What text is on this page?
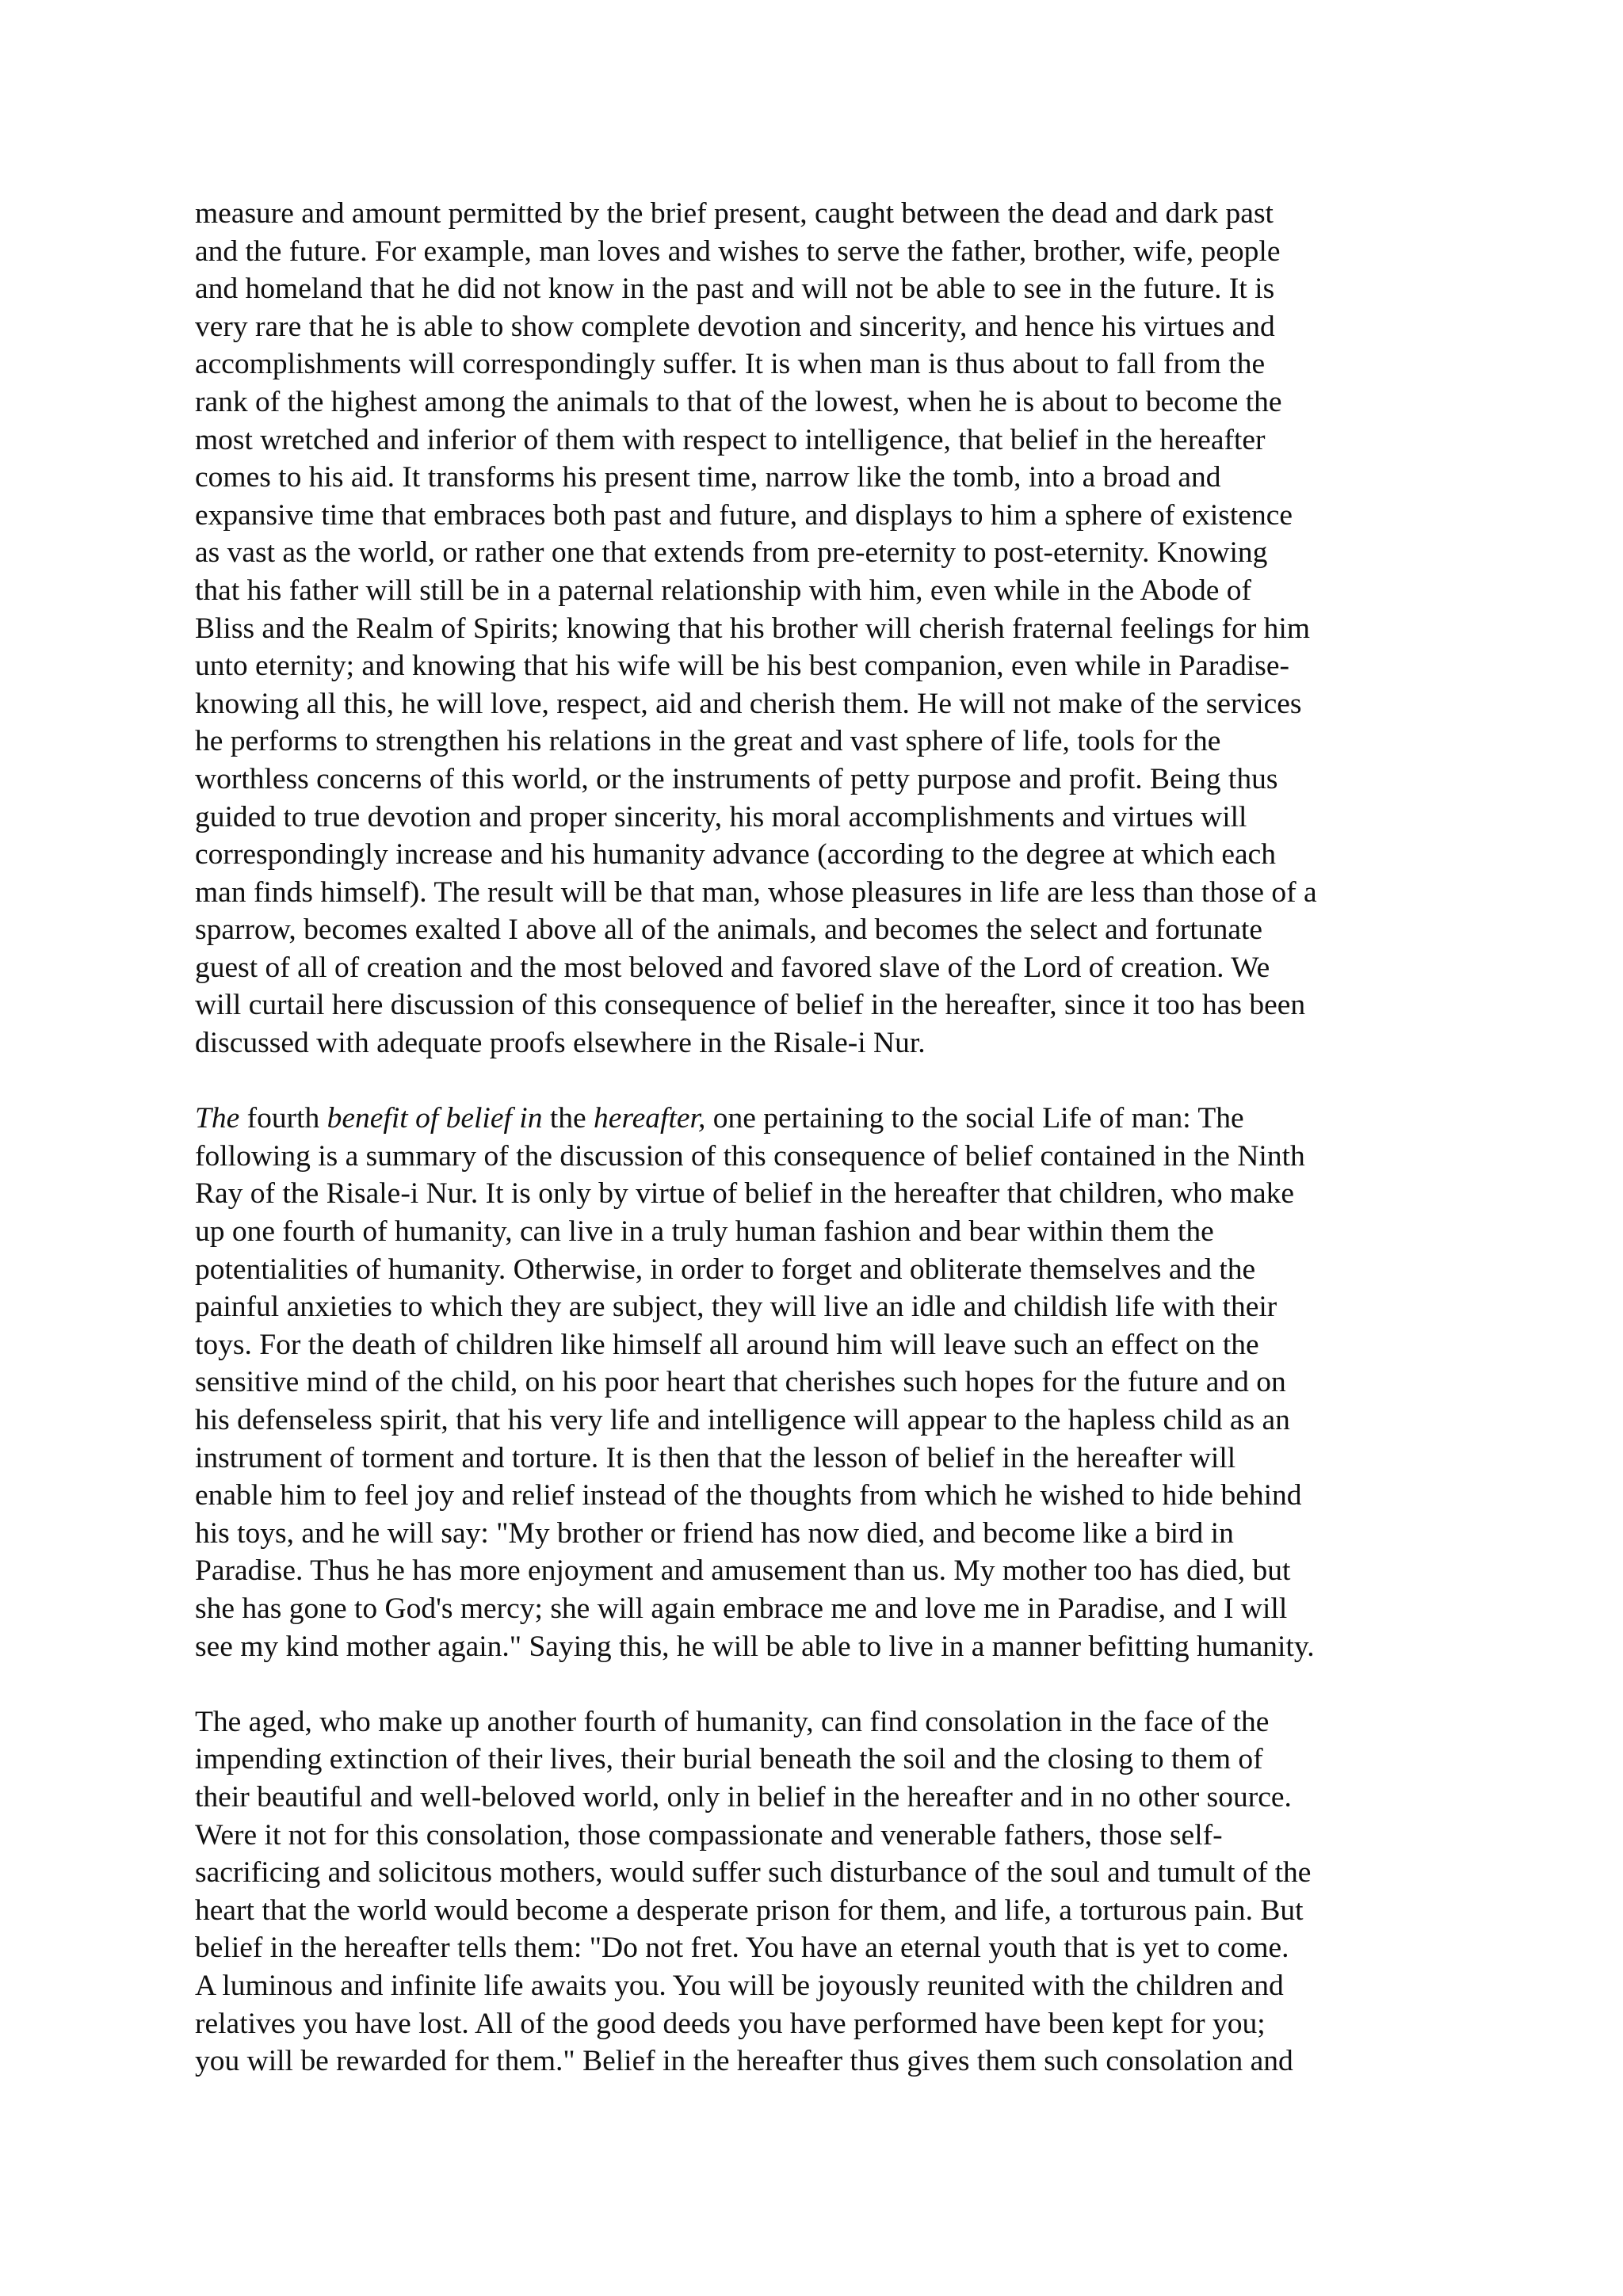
measure and amount permitted by the brief present, caught between the dead and dark past
and the future. For example, man loves and wishes to serve the father, brother, wife, people
and homeland that he did not know in the past and will not be able to see in the future. It is
very rare that he is able to show complete devotion and sincerity, and hence his virtues and
accomplishments will correspondingly suffer. It is when man is thus about to fall from the
rank of the highest among the animals to that of the lowest, when he is about to become the
most wretched and inferior of them with respect to intelligence, that belief in the hereafter
comes to his aid. It transforms his present time, narrow like the tomb, into a broad and
expansive time that embraces both past and future, and displays to him a sphere of existence
as vast as the world, or rather one that extends from pre-eternity to post-eternity. Knowing
that his father will still be in a paternal relationship with him, even while in the Abode of
Bliss and the Realm of Spirits; knowing that his brother will cherish fraternal feelings for him
unto eternity; and knowing that his wife will be his best companion, even while in Paradise-
knowing all this, he will love, respect, aid and cherish them. He will not make of the services
he performs to strengthen his relations in the great and vast sphere of life, tools for the
worthless concerns of this world, or the instruments of petty purpose and profit. Being thus
guided to true devotion and proper sincerity, his moral accomplishments and virtues will
correspondingly increase and his humanity advance (according to the degree at which each
man finds himself). The result will be that man, whose pleasures in life are less than those of a
sparrow, becomes exalted I above all of the animals, and becomes the select and fortunate
guest of all of creation and the most beloved and favored slave of the Lord of creation. We
will curtail here discussion of this consequence of belief in the hereafter, since it too has been
discussed with adequate proofs elsewhere in the Risale-i Nur.
The fourth benefit of belief in the hereafter, one pertaining to the social Life of man: The
following is a summary of the discussion of this consequence of belief contained in the Ninth
Ray of the Risale-i Nur. It is only by virtue of belief in the hereafter that children, who make
up one fourth of humanity, can live in a truly human fashion and bear within them the
potentialities of humanity. Otherwise, in order to forget and obliterate themselves and the
painful anxieties to which they are subject, they will live an idle and childish life with their
toys. For the death of children like himself all around him will leave such an effect on the
sensitive mind of the child, on his poor heart that cherishes such hopes for the future and on
his defenseless spirit, that his very life and intelligence will appear to the hapless child as an
instrument of torment and torture. It is then that the lesson of belief in the hereafter will
enable him to feel joy and relief instead of the thoughts from which he wished to hide behind
his toys, and he will say: "My brother or friend has now died, and become like a bird in
Paradise. Thus he has more enjoyment and amusement than us. My mother too has died, but
she has gone to God's mercy; she will again embrace me and love me in Paradise, and I will
see my kind mother again." Saying this, he will be able to live in a manner befitting humanity.
The aged, who make up another fourth of humanity, can find consolation in the face of the
impending extinction of their lives, their burial beneath the soil and the closing to them of
their beautiful and well-beloved world, only in belief in the hereafter and in no other source.
Were it not for this consolation, those compassionate and venerable fathers, those self-
sacrificing and solicitous mothers, would suffer such disturbance of the soul and tumult of the
heart that the world would become a desperate prison for them, and life, a torturous pain. But
belief in the hereafter tells them: "Do not fret. You have an eternal youth that is yet to come.
A luminous and infinite life awaits you. You will be joyously reunited with the children and
relatives you have lost. All of the good deeds you have performed have been kept for you;
you will be rewarded for them." Belief in the hereafter thus gives them such consolation and
